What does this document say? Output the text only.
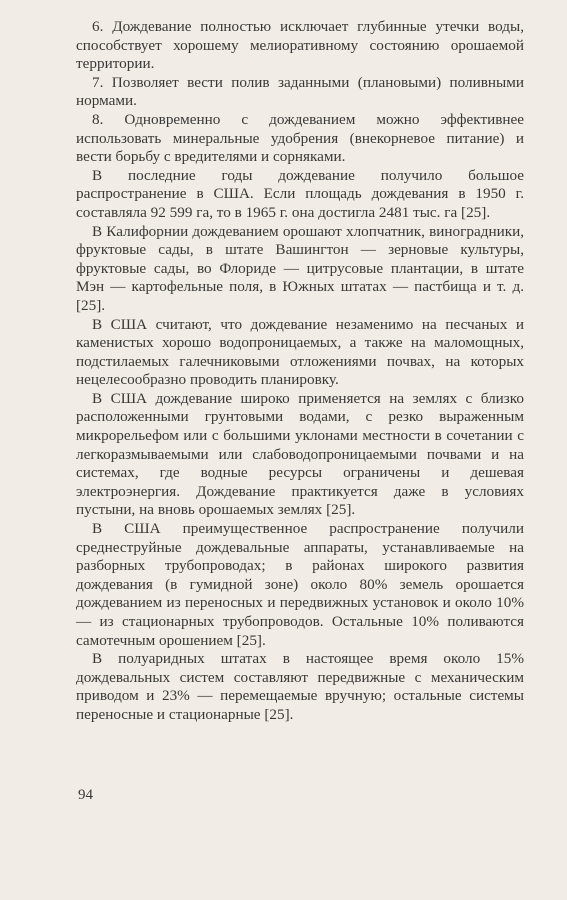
6. Дождевание полностью исключает глубинные утечки воды, способствует хорошему мелиоративному состоянию орошаемой территории.

7. Позволяет вести полив заданными (плановыми) поливными нормами.

8. Одновременно с дождеванием можно эффективнее использовать минеральные удобрения (внекорневое питание) и вести борьбу с вредителями и сорняками.

В последние годы дождевание получило большое распространение в США. Если площадь дождевания в 1950 г. составляла 92 599 га, то в 1965 г. она достигла 2481 тыс. га [25].

В Калифорнии дождеванием орошают хлопчатник, виноградники, фруктовые сады, в штате Вашингтон — зерновые культуры, фруктовые сады, во Флориде — цитрусовые плантации, в штате Мэн — картофельные поля, в Южных штатах — пастбища и т. д. [25].

В США считают, что дождевание незаменимо на песчаных и каменистых хорошо водопроницаемых, а также на маломощных, подстилаемых галечниковыми отложениями почвах, на которых нецелесообразно проводить планировку.

В США дождевание широко применяется на землях с близко расположенными грунтовыми водами, с резко выраженным микрорельефом или с большими уклонами местности в сочетании с легкоразмываемыми или слабоводопроницаемыми почвами и на системах, где водные ресурсы ограничены и дешевая электроэнергия. Дождевание практикуется даже в условиях пустыни, на вновь орошаемых землях [25].

В США преимущественное распространение получили среднеструйные дождевальные аппараты, устанавливаемые на разборных трубопроводах; в районах широкого развития дождевания (в гумидной зоне) около 80% земель орошается дождеванием из переносных и передвижных установок и около 10% — из стационарных трубопроводов. Остальные 10% поливаются самотечным орошением [25].

В полуаридных штатах в настоящее время около 15% дождевальных систем составляют передвижные с механическим приводом и 23% — перемещаемые вручную; остальные системы переносные и стационарные [25].

94
